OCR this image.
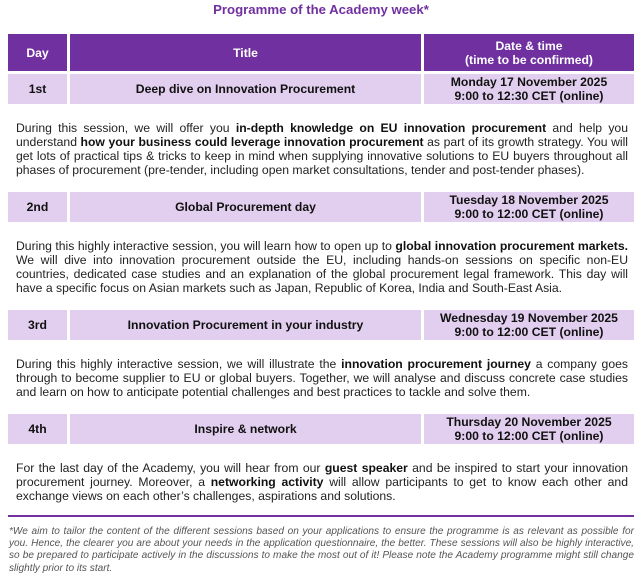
Programme of the Academy week*
Day	Title	Date & time
(time to be confirmed)
1st	Deep dive on Innovation Procurement	Monday 17 November 2025
9:00 to 12:30 CET (online)

During this session, we will offer you in-depth knowledge on EU innovation procurement and help you understand how your business could leverage innovation procurement as part of its growth strategy. You will get lots of practical tips & tricks to keep in mind when supplying innovative solutions to EU buyers throughout all phases of procurement (pre-tender, including open market consultations, tender and post-tender phases).

2nd	Global Procurement day	Tuesday 18 November 2025
9:00 to 12:00 CET (online)

During this highly interactive session, you will learn how to open up to global innovation procurement markets. We will dive into innovation procurement outside the EU, including hands-on sessions on specific non-EU countries, dedicated case studies and an explanation of the global procurement legal framework. This day will have a specific focus on Asian markets such as Japan, Republic of Korea, India and South-East Asia.

3rd	Innovation Procurement in your industry	Wednesday 19 November 2025
9:00 to 12:00 CET (online)

During this highly interactive session, we will illustrate the innovation procurement journey a company goes through to become supplier to EU or global buyers. Together, we will analyse and discuss concrete case studies and learn on how to anticipate potential challenges and best practices to tackle and solve them.

4th	Inspire & network	Thursday 20 November 2025
9:00 to 12:00 CET (online)

For the last day of the Academy, you will hear from our guest speaker and be inspired to start your innovation procurement journey. Moreover, a networking activity will allow participants to get to know each other and exchange views on each other’s challenges, aspirations and solutions.

*We aim to tailor the content of the different sessions based on your applications to ensure the programme is as relevant as possible for you. Hence, the clearer you are about your needs in the application questionnaire, the better. These sessions will also be highly interactive, so be prepared to participate actively in the discussions to make the most out of it! Please note the Academy programme might still change slightly prior to its start.
